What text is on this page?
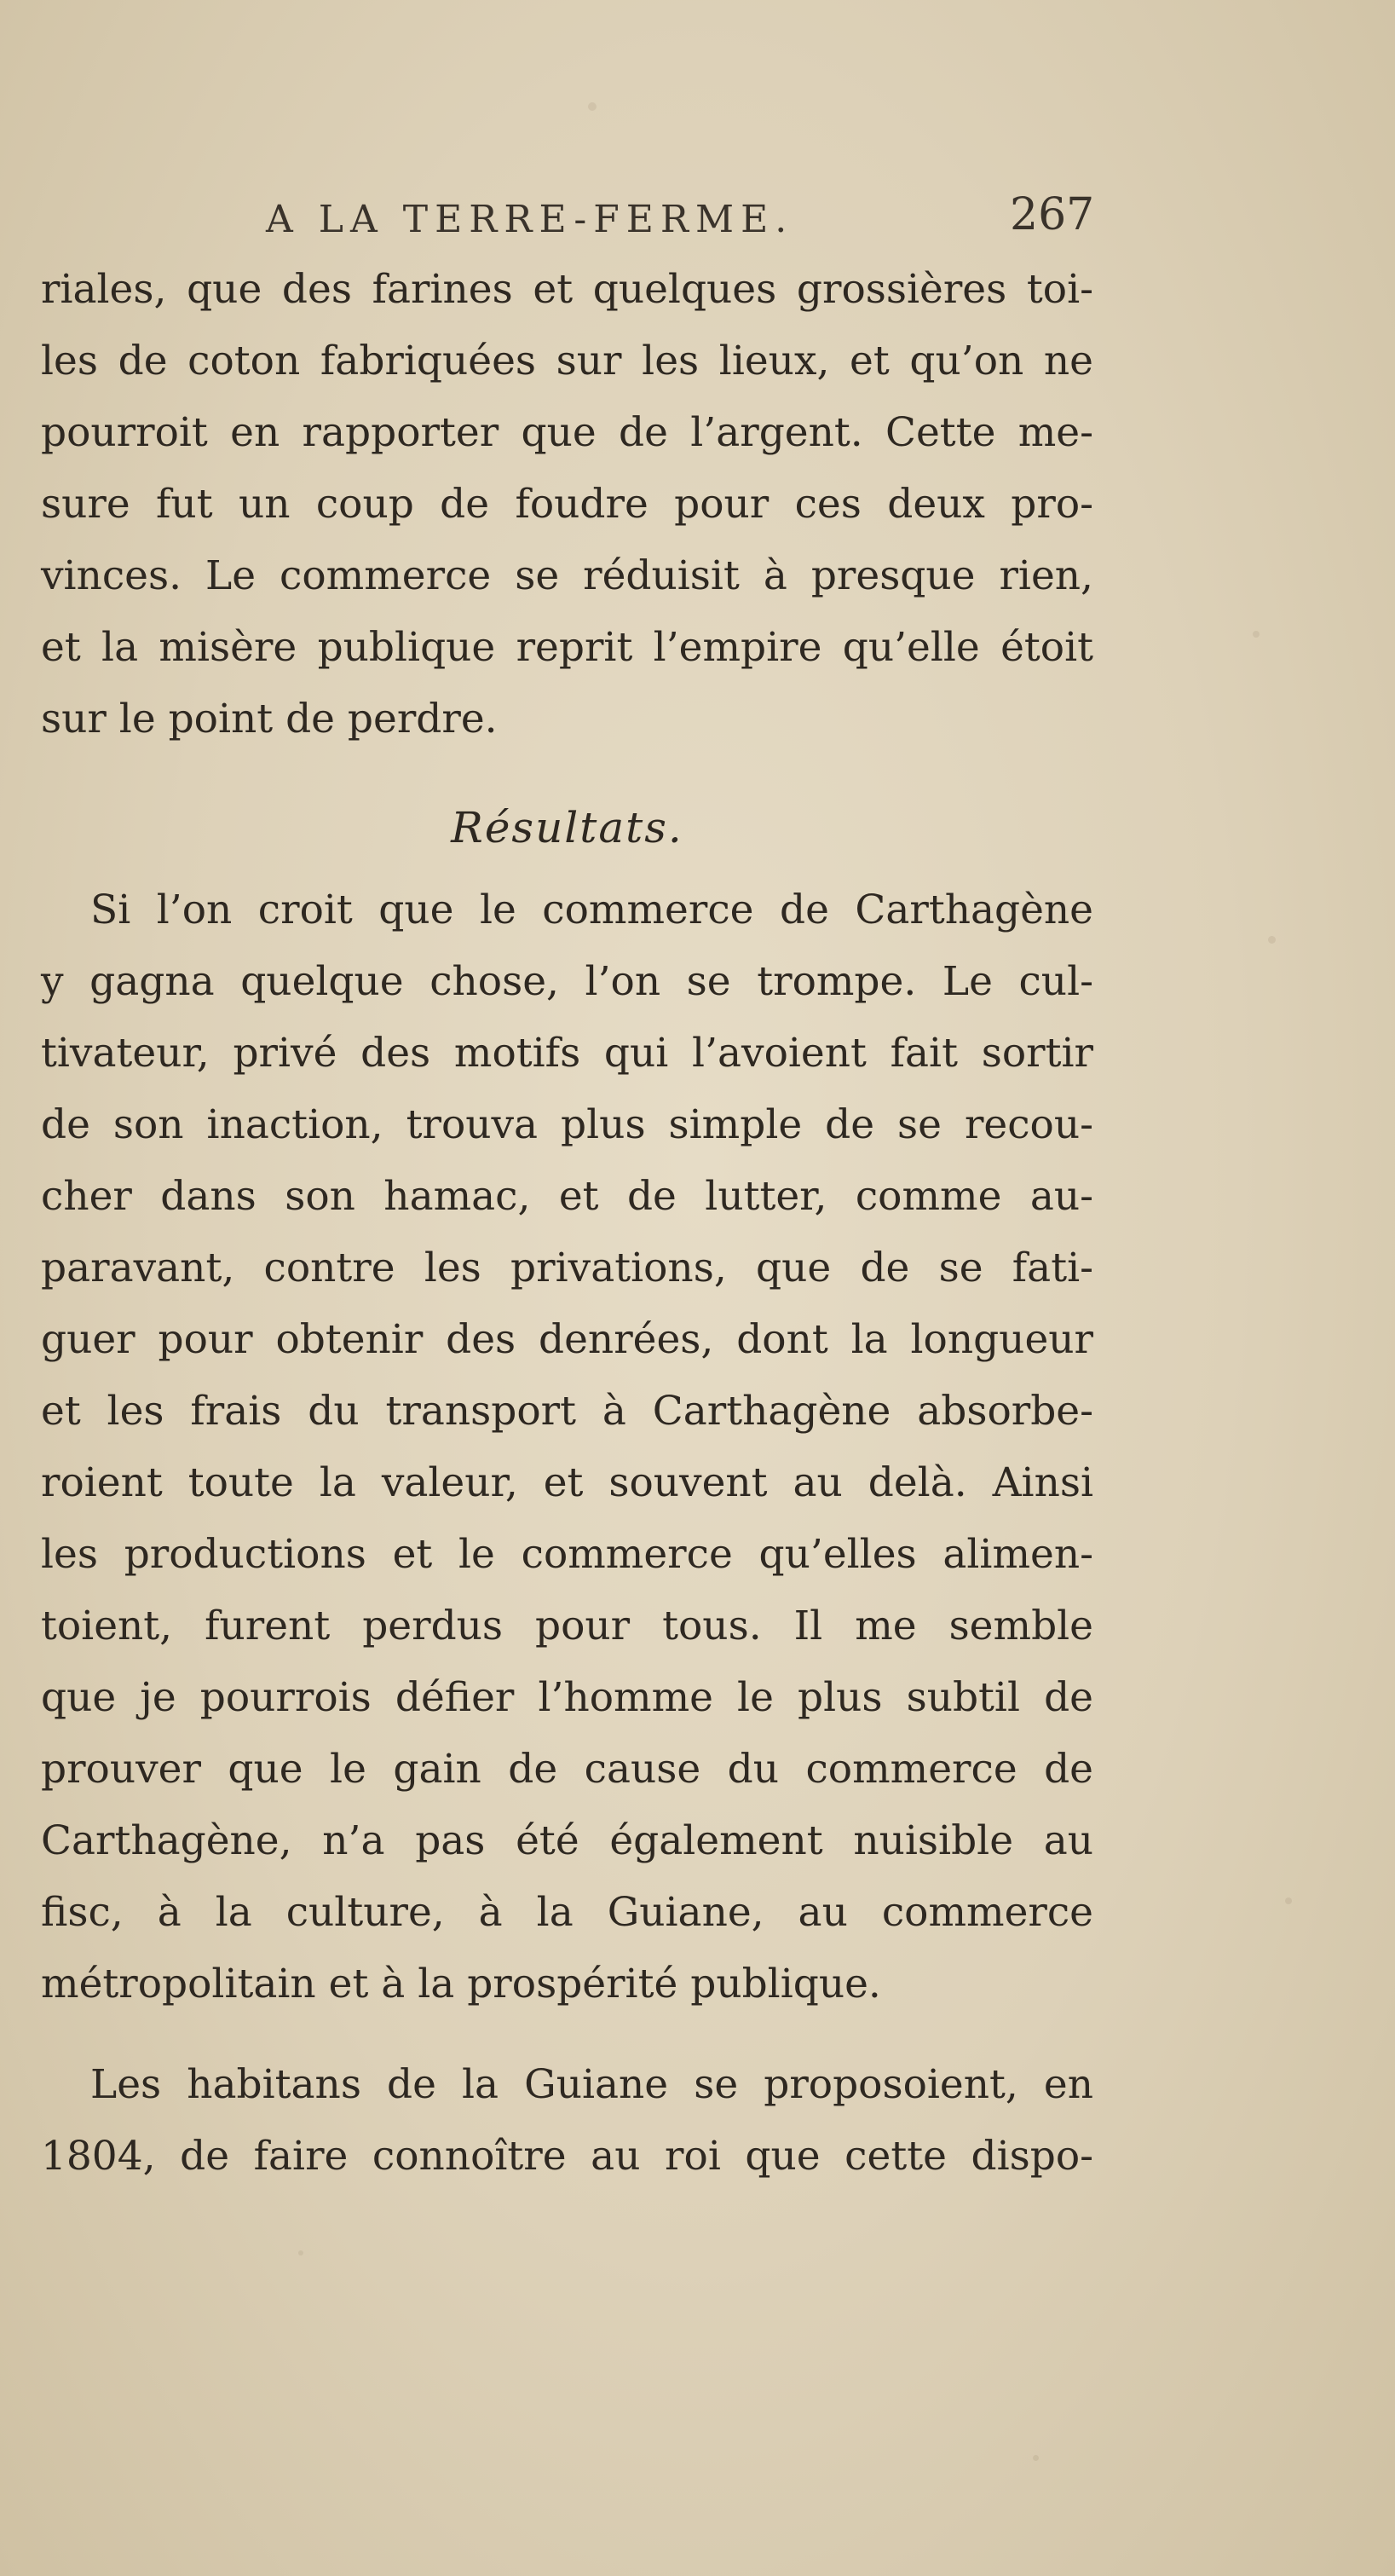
A LA TERRE-FERME.	267
riales, que des farines et quelques grossières toi-
les de coton fabriquées sur les lieux, et qu’on ne
pourroit en rapporter que de l’argent. Cette me-
sure fut un coup de foudre pour ces deux pro-
vinces. Le commerce se réduisit à presque rien,
et la misère publique reprit l’empire qu’elle étoit
sur le point de perdre.
Résultats.
Si l’on croit que le commerce de Carthagène
y gagna quelque chose, l’on se trompe. Le cul-
tivateur, privé des motifs qui l’avoient fait sortir
de son inaction, trouva plus simple de se recou-
cher dans son hamac, et de lutter, comme au-
paravant, contre les privations, que de se fati-
guer pour obtenir des denrées, dont la longueur
et les frais du transport à Carthagène absorbe-
roient toute la valeur, et souvent au delà. Ainsi
les productions et le commerce qu’elles alimen-
toient, furent perdus pour tous. Il me semble
que je pourrois défier l’homme le plus subtil de
prouver que le gain de cause du commerce de
Carthagène, n’a pas été également nuisible au
fisc, à la culture, à la Guiane, au commerce
métropolitain et à la prospérité publique.
Les habitans de la Guiane se proposoient, en
1804, de faire connoître au roi que cette dispo-
